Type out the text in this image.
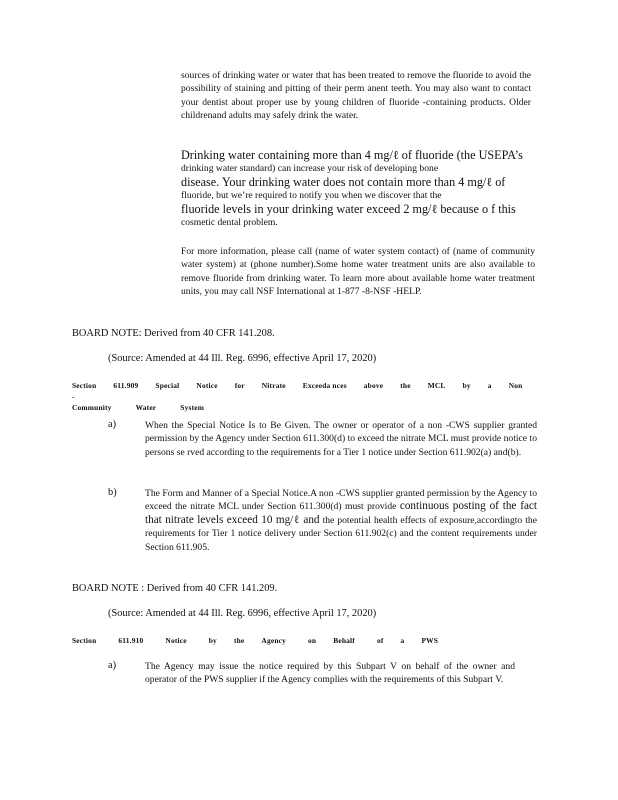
sources of drinking water or water that has been treated to remove the fluoride to avoid the possibility of staining and pitting of their perm anent teeth. You may also want to contact your dentist about proper use by young children of fluoride -containing products. Older childrenand adults may safely drink the water.

Drinking water containing more than 4 mg/ℓ of fluoride (the USEPA’s
drinking water standard) can increase your risk of developing bone
disease. Your drinking water does not contain more than 4 mg/ℓ of
fluoride, but we’re required to notify you when we discover that the
fluoride levels in your drinking water exceed 2 mg/ℓ because o f this
cosmetic dental problem.

For more information, please call (name of water system contact) of (name of community water system) at (phone number).Some home water treatment units are also available to remove fluoride from drinking water. To learn more about available home water treatment units, you may call NSF International at 1-877 -8-NSF -HELP.

BOARD NOTE: Derived from 40 CFR 141.208.
(Source: Amended at 44 Ill. Reg. 6996, effective April 17, 2020)
Section 611.909 Special Notice for Nitrate Exceeda nces above the MCL by a Non-
Community	Water	System
a)	When the Special Notice Is to Be Given. The owner or operator of a non -CWS supplier granted permission by the Agency under Section 611.300(d) to exceed the nitrate MCL must provide notice to persons se rved according to the requirements for a Tier 1 notice under Section 611.902(a) and(b).

b)	The Form and Manner of a Special Notice.A non -CWS supplier granted permission by the Agency to exceed the nitrate MCL under Section 611.300(d) must provide continuous posting of the fact that nitrate levels exceed 10 mg/ℓ and the potential health effects of exposure,accordingto the requirements for Tier 1 notice delivery under Section 611.902(c) and the content requirements under Section 611.905.

BOARD NOTE : Derived from 40 CFR 141.209.
(Source: Amended at 44 Ill. Reg. 6996, effective April 17, 2020)
Section	611.910	Notice	by the Agency	on Behalf	of a PWS
a)	The Agency may issue the notice required by this Subpart V on behalf of the owner and operator of the PWS supplier if the Agency complies with the requirements of this Subpart V.
